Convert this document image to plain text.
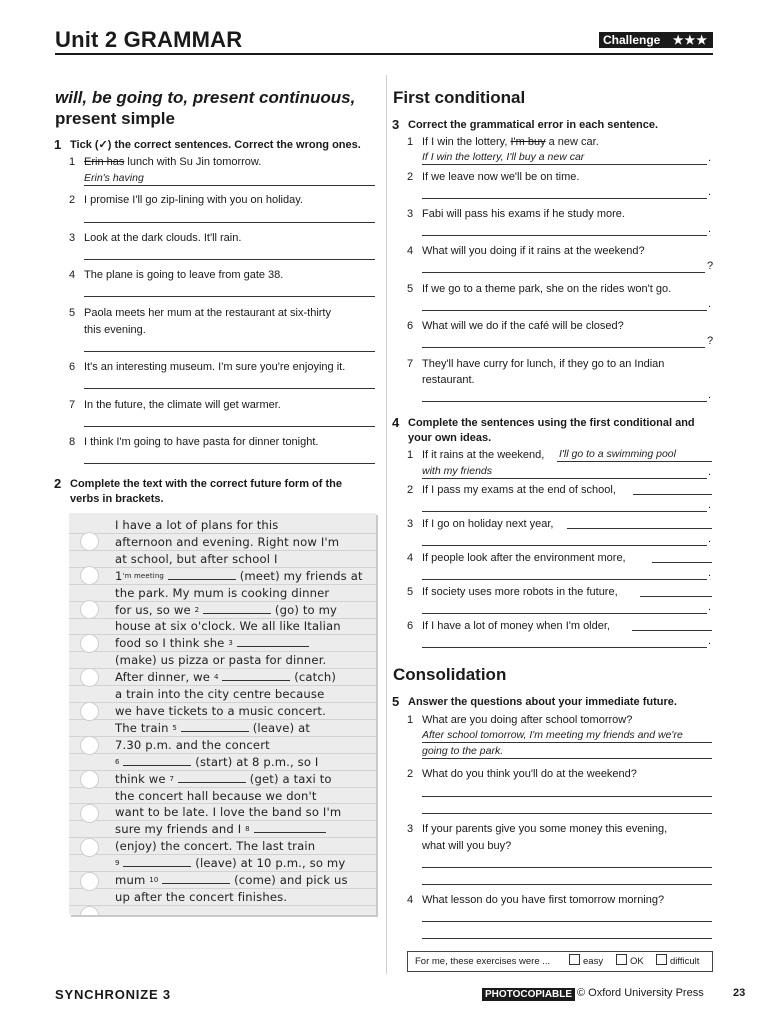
Unit 2 GRAMMAR	Challenge ★★★
will, be going to, present continuous,
present simple
1 Tick (✓) the correct sentences. Correct the wrong ones.
1 Erin has lunch with Su Jin tomorrow.
Erin's having
2 I promise I'll go zip-lining with you on holiday.
3 Look at the dark clouds. It'll rain.
4 The plane is going to leave from gate 38.
5 Paola meets her mum at the restaurant at six-thirty
this evening.
6 It's an interesting museum. I'm sure you're enjoying it.
7 In the future, the climate will get warmer.
8 I think I'm going to have pasta for dinner tonight.
2 Complete the text with the correct future form of the
verbs in brackets.
I have a lot of plans for this
afternoon and evening. Right now I'm
at school, but after school I
$1^{'m meeting}$	(meet) my friends at
the park. My mum is cooking dinner
for us, so we $^2$	(go) to my
house at six o'clock. We all like Italian
food so I think she $^3$
(make) us pizza or pasta for dinner.
After dinner, we $^4$	(catch)
a train into the city centre because
we have tickets to a music concert.
The train $^5$	(leave) at
7.30 p.m. and the concert
$^6$	(start) at 8 p.m., so I
think we $^7$	(get) a taxi to
the concert hall because we don't
want to be late. I love the band so I'm
sure my friends and I $^8$
(enjoy) the concert. The last train
$^9$	(leave) at 10 p.m., so my
mum $^{10}$	(come) and pick us
up after the concert finishes.
First conditional
3 Correct the grammatical error in each sentence.
1 If I win the lottery, I'm buy a new car.
If I win the lottery, I'll buy a new car	.
2 If we leave now we'll be on time.
.
3 Fabi will pass his exams if he study more.
.
4 What will you doing if it rains at the weekend?
?
5 If we go to a theme park, she on the rides won't go.
.
6 What will we do if the café will be closed?
?
7 They'll have curry for lunch, if they go to an Indian
restaurant.
.
4 Complete the sentences using the first conditional and
your own ideas.
1 If it rains at the weekend, I'll go to a swimming pool
with my friends	.
2 If I pass my exams at the end of school,
.
3 If I go on holiday next year,
.
4 If people look after the environment more,
.
5 If society uses more robots in the future,
.
6 If I have a lot of money when I'm older,
.
Consolidation
5 Answer the questions about your immediate future.
1 What are you doing after school tomorrow?
After school tomorrow, I'm meeting my friends and we're
going to the park.
2 What do you think you'll do at the weekend?
3 If your parents give you some money this evening,
what will you buy?
4 What lesson do you have first tomorrow morning?
For me, these exercises were ...	easy	OK	difficult
SYNCHRONIZE 3	PHOTOCOPIABLE © Oxford University Press	23
